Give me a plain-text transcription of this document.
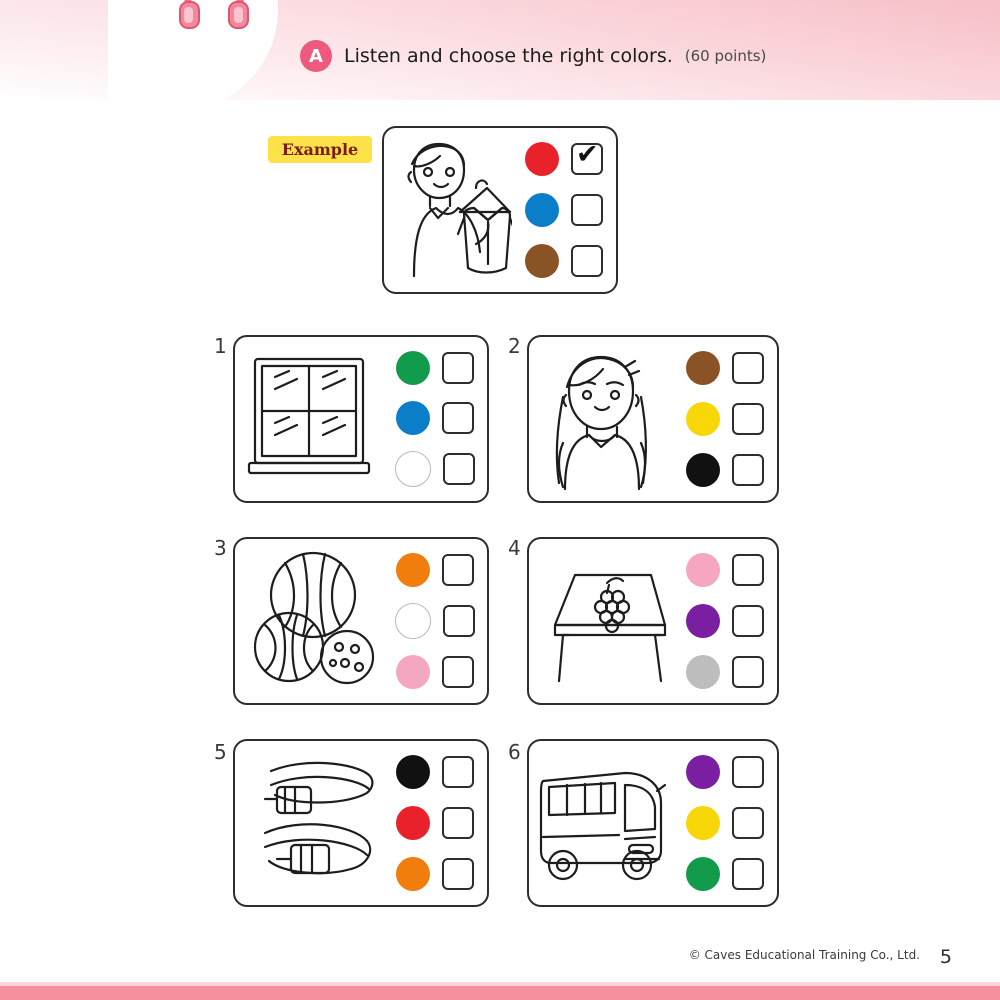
A	Listen and choose the right colors. (60 points)
Example
✔
1	2
3	4
5	6
© Caves Educational Training Co., Ltd. 5
